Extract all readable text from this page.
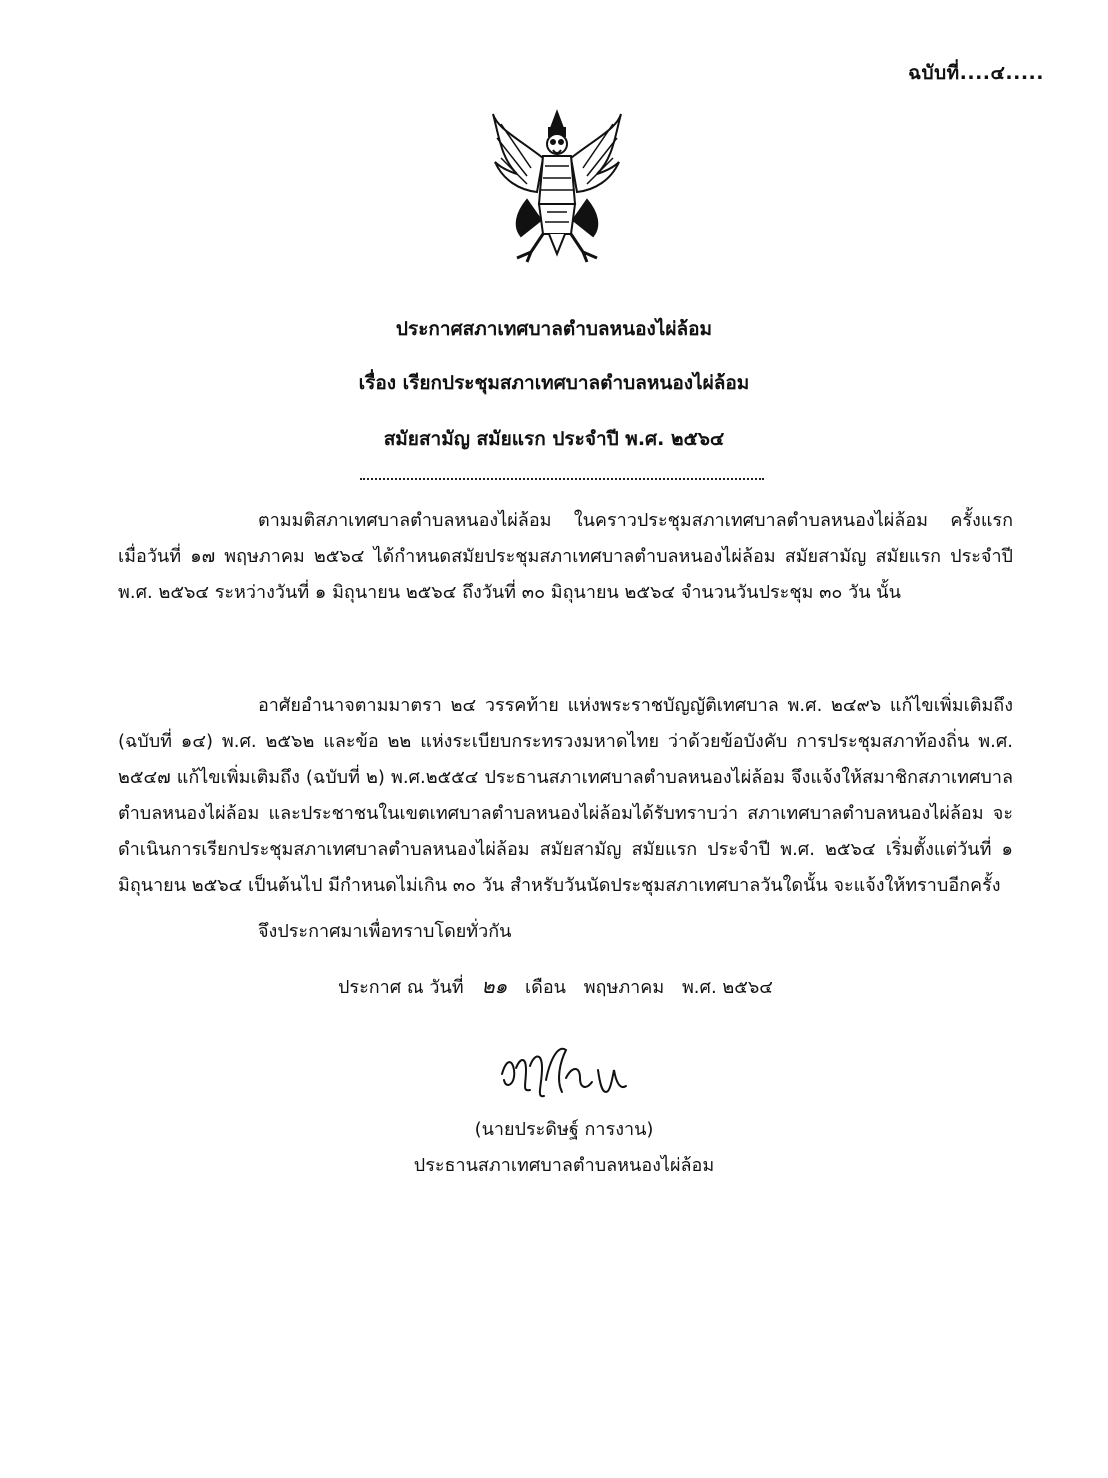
ฉบับที่....๔.....
ประกาศสภาเทศบาลตำบลหนองไผ่ล้อม
เรื่อง เรียกประชุมสภาเทศบาลตำบลหนองไผ่ล้อม
สมัยสามัญ สมัยแรก ประจำปี พ.ศ. ๒๕๖๔
ตามมติสภาเทศบาลตำบลหนองไผ่ล้อม ในคราวประชุมสภาเทศบาลตำบลหนองไผ่ล้อม ครั้งแรก เมื่อวันที่ ๑๗ พฤษภาคม ๒๕๖๔ ได้กำหนดสมัยประชุมสภาเทศบาลตำบลหนองไผ่ล้อม สมัยสามัญ สมัยแรก ประจำปี พ.ศ. ๒๕๖๔ ระหว่างวันที่ ๑ มิถุนายน ๒๕๖๔ ถึงวันที่ ๓๐ มิถุนายน ๒๕๖๔ จำนวนวันประชุม ๓๐ วัน นั้น
อาศัยอำนาจตามมาตรา ๒๔ วรรคท้าย แห่งพระราชบัญญัติเทศบาล พ.ศ. ๒๔๙๖ แก้ไขเพิ่มเติมถึง (ฉบับที่ ๑๔) พ.ศ. ๒๕๖๒ และข้อ ๒๒ แห่งระเบียบกระทรวงมหาดไทย ว่าด้วยข้อบังคับ การประชุมสภาท้องถิ่น พ.ศ. ๒๕๔๗ แก้ไขเพิ่มเติมถึง (ฉบับที่ ๒) พ.ศ.๒๕๕๔ ประธานสภาเทศบาลตำบลหนองไผ่ล้อม จึงแจ้งให้สมาชิกสภาเทศบาลตำบลหนองไผ่ล้อม และประชาชนในเขตเทศบาลตำบลหนองไผ่ล้อมได้รับทราบว่า สภาเทศบาลตำบลหนองไผ่ล้อม จะดำเนินการเรียกประชุมสภาเทศบาลตำบลหนองไผ่ล้อม สมัยสามัญ สมัยแรก ประจำปี พ.ศ. ๒๕๖๔ เริ่มตั้งแต่วันที่ ๑ มิถุนายน ๒๕๖๔ เป็นต้นไป มีกำหนดไม่เกิน ๓๐ วัน สำหรับวันนัดประชุมสภาเทศบาลวันใดนั้น จะแจ้งให้ทราบอีกครั้ง
จึงประกาศมาเพื่อทราบโดยทั่วกัน
ประกาศ ณ วันที่ ๒๑ เดือน พฤษภาคม พ.ศ. ๒๕๖๔
(นายประดิษฐ์ การงาน)
ประธานสภาเทศบาลตำบลหนองไผ่ล้อม
